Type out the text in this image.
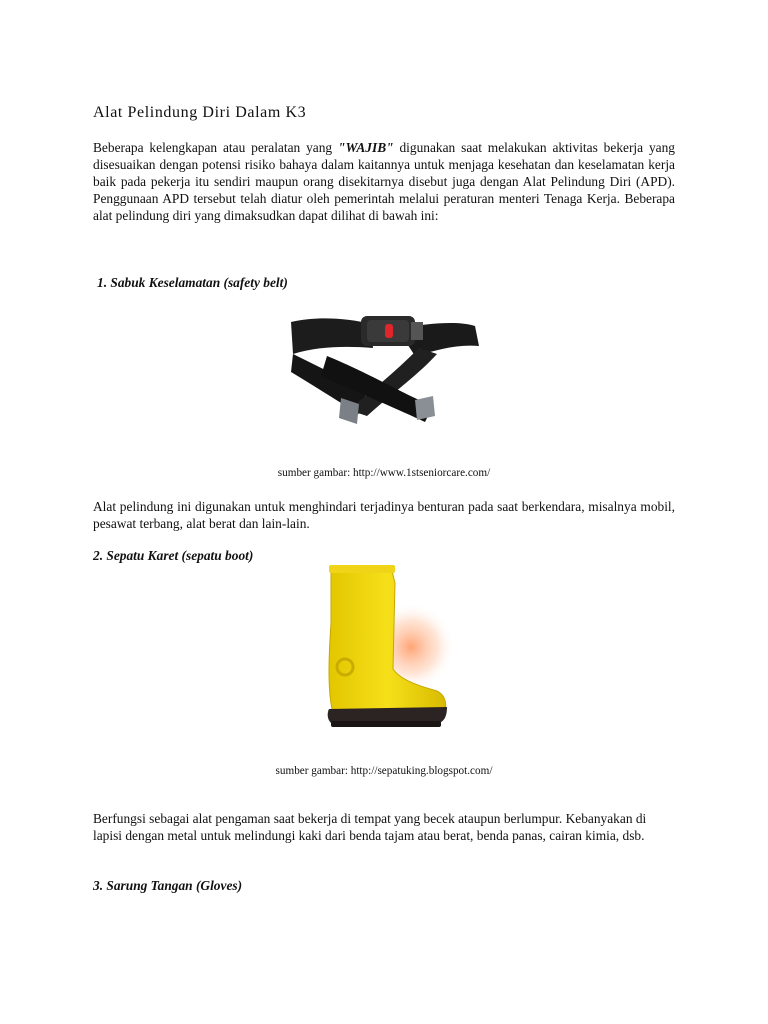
Alat Pelindung Diri Dalam K3

Beberapa kelengkapan atau peralatan yang "WAJIB" digunakan saat melakukan aktivitas bekerja yang disesuaikan dengan potensi risiko bahaya dalam kaitannya untuk menjaga kesehatan dan keselamatan kerja baik pada pekerja itu sendiri maupun orang disekitarnya disebut juga dengan Alat Pelindung Diri (APD). Penggunaan APD tersebut telah diatur oleh pemerintah melalui peraturan menteri Tenaga Kerja. Beberapa alat pelindung diri yang dimaksudkan dapat dilihat di bawah ini:

1. Sabuk Keselamatan (safety belt)

sumber gambar: http://www.1stseniorcare.com/

Alat pelindung ini digunakan untuk menghindari terjadinya benturan pada saat berkendara, misalnya mobil, pesawat terbang, alat berat dan lain-lain.

2. Sepatu Karet (sepatu boot)

sumber gambar: http://sepatuking.blogspot.com/

Berfungsi sebagai alat pengaman saat bekerja di tempat yang becek ataupun berlumpur. Kebanyakan di lapisi dengan metal untuk melindungi kaki dari benda tajam atau berat, benda panas, cairan kimia, dsb.

3. Sarung Tangan (Gloves)
